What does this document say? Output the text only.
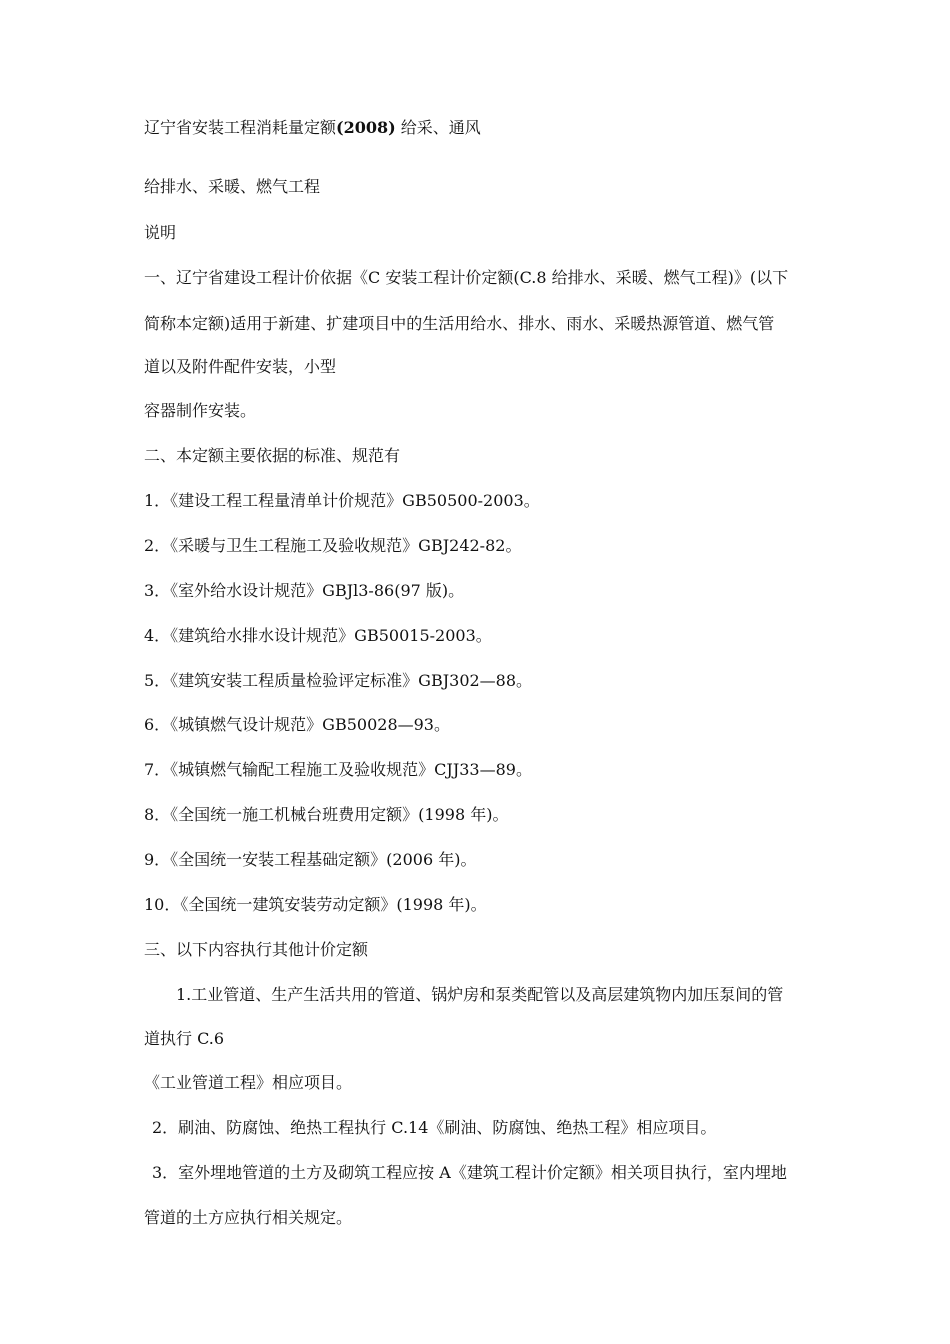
辽宁省安装工程消耗量定额(2008) 给采、通风
给排水、采暖、燃气工程
说明
一、辽宁省建设工程计价依据《C 安装工程计价定额(C.8 给排水、采暖、燃气工程)》(以下
简称本定额)适用于新建、扩建项目中的生活用给水、排水、雨水、采暖热源管道、燃气管
道以及附件配件安装，小型
容器制作安装。
二、本定额主要依据的标准、规范有
1．《建设工程工程量清单计价规范》GB50500-2003。
2．《采暖与卫生工程施工及验收规范》GBJ242-82。
3．《室外给水设计规范》GBJl3-86(97 版)。
4．《建筑给水排水设计规范》GB50015-2003。
5．《建筑安装工程质量检验评定标准》GBJ302—88。
6．《城镇燃气设计规范》GB50028—93。
7．《城镇燃气输配工程施工及验收规范》CJJ33—89。
8．《全国统一施工机械台班费用定额》(1998 年)。
9．《全国统一安装工程基础定额》(2006 年)。
10．《全国统一建筑安装劳动定额》(1998 年)。
三、以下内容执行其他计价定额
1.工业管道、生产生活共用的管道、锅炉房和泵类配管以及高层建筑物内加压泵间的管
道执行 C.6
《工业管道工程》相应项目。
2．刷油、防腐蚀、绝热工程执行 C.14《刷油、防腐蚀、绝热工程》相应项目。
3．室外埋地管道的土方及砌筑工程应按 A《建筑工程计价定额》相关项目执行，室内埋地
管道的土方应执行相关规定。
